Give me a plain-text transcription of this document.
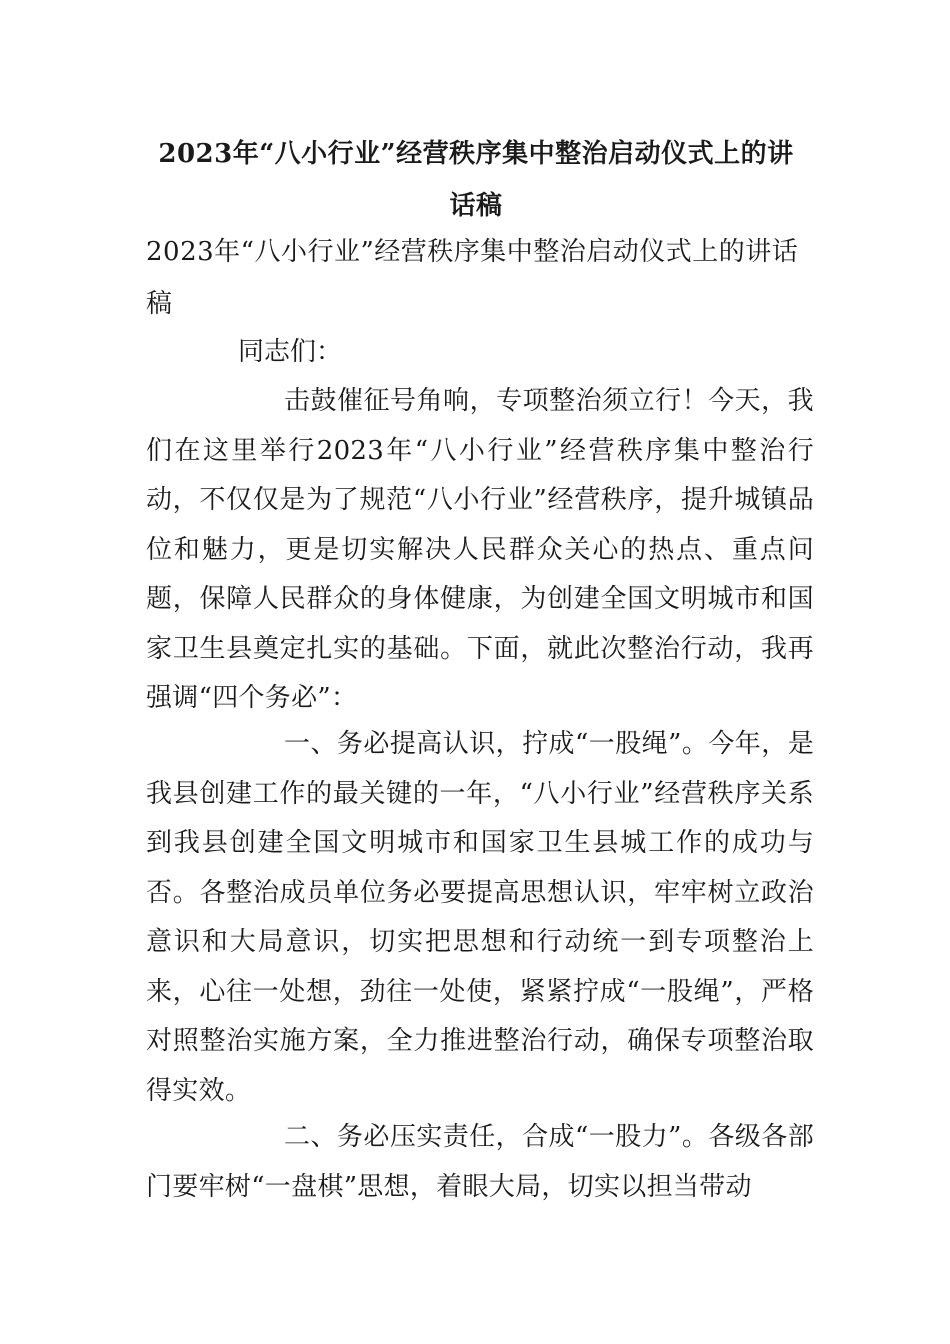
2023年“八小行业”经营秩序集中整治启动仪式上的讲话稿
2023年“八小行业”经营秩序集中整治启动仪式上的讲话稿

同志们：

击鼓催征号角响，专项整治须立行！今天，我们在这里举行2023年“八小行业”经营秩序集中整治行动，不仅仅是为了规范“八小行业”经营秩序，提升城镇品位和魅力，更是切实解决人民群众关心的热点、重点问题，保障人民群众的身体健康，为创建全国文明城市和国家卫生县奠定扎实的基础。下面，就此次整治行动，我再强调“四个务必”：

一、务必提高认识，拧成“一股绳”。今年，是我县创建工作的最关键的一年，“八小行业”经营秩序关系到我县创建全国文明城市和国家卫生县城工作的成功与否。各整治成员单位务必要提高思想认识，牢牢树立政治意识和大局意识，切实把思想和行动统一到专项整治上来，心往一处想，劲往一处使，紧紧拧成“一股绳”，严格对照整治实施方案，全力推进整治行动，确保专项整治取得实效。

二、务必压实责任，合成“一股力”。各级各部门要牢树“一盘棋”思想，着眼大局，切实以担当带动
